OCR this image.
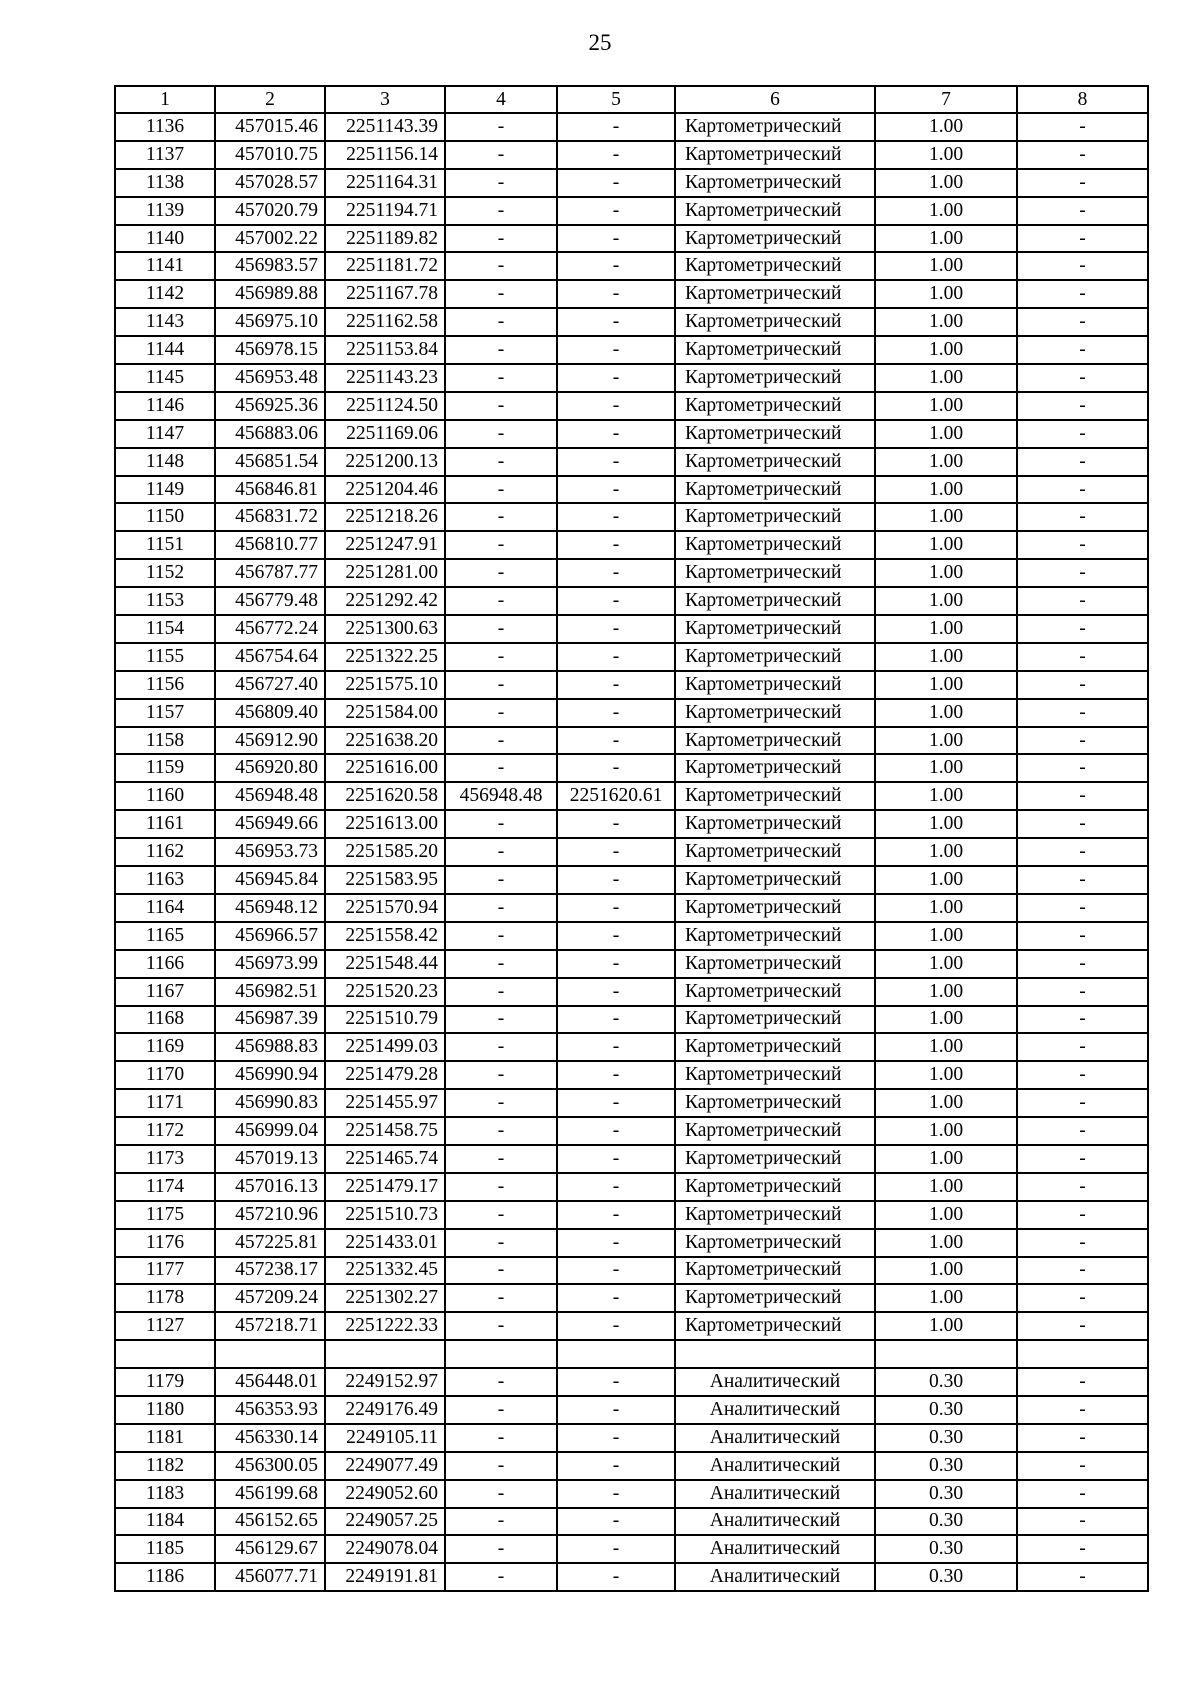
25
1	2	3	4	5	6	7	8
1136	457015.46	2251143.39	-	-	Картометрический	1.00	-
1137	457010.75	2251156.14	-	-	Картометрический	1.00	-
1138	457028.57	2251164.31	-	-	Картометрический	1.00	-
1139	457020.79	2251194.71	-	-	Картометрический	1.00	-
1140	457002.22	2251189.82	-	-	Картометрический	1.00	-
1141	456983.57	2251181.72	-	-	Картометрический	1.00	-
1142	456989.88	2251167.78	-	-	Картометрический	1.00	-
1143	456975.10	2251162.58	-	-	Картометрический	1.00	-
1144	456978.15	2251153.84	-	-	Картометрический	1.00	-
1145	456953.48	2251143.23	-	-	Картометрический	1.00	-
1146	456925.36	2251124.50	-	-	Картометрический	1.00	-
1147	456883.06	2251169.06	-	-	Картометрический	1.00	-
1148	456851.54	2251200.13	-	-	Картометрический	1.00	-
1149	456846.81	2251204.46	-	-	Картометрический	1.00	-
1150	456831.72	2251218.26	-	-	Картометрический	1.00	-
1151	456810.77	2251247.91	-	-	Картометрический	1.00	-
1152	456787.77	2251281.00	-	-	Картометрический	1.00	-
1153	456779.48	2251292.42	-	-	Картометрический	1.00	-
1154	456772.24	2251300.63	-	-	Картометрический	1.00	-
1155	456754.64	2251322.25	-	-	Картометрический	1.00	-
1156	456727.40	2251575.10	-	-	Картометрический	1.00	-
1157	456809.40	2251584.00	-	-	Картометрический	1.00	-
1158	456912.90	2251638.20	-	-	Картометрический	1.00	-
1159	456920.80	2251616.00	-	-	Картометрический	1.00	-
1160	456948.48	2251620.58	456948.48	2251620.61	Картометрический	1.00	-
1161	456949.66	2251613.00	-	-	Картометрический	1.00	-
1162	456953.73	2251585.20	-	-	Картометрический	1.00	-
1163	456945.84	2251583.95	-	-	Картометрический	1.00	-
1164	456948.12	2251570.94	-	-	Картометрический	1.00	-
1165	456966.57	2251558.42	-	-	Картометрический	1.00	-
1166	456973.99	2251548.44	-	-	Картометрический	1.00	-
1167	456982.51	2251520.23	-	-	Картометрический	1.00	-
1168	456987.39	2251510.79	-	-	Картометрический	1.00	-
1169	456988.83	2251499.03	-	-	Картометрический	1.00	-
1170	456990.94	2251479.28	-	-	Картометрический	1.00	-
1171	456990.83	2251455.97	-	-	Картометрический	1.00	-
1172	456999.04	2251458.75	-	-	Картометрический	1.00	-
1173	457019.13	2251465.74	-	-	Картометрический	1.00	-
1174	457016.13	2251479.17	-	-	Картометрический	1.00	-
1175	457210.96	2251510.73	-	-	Картометрический	1.00	-
1176	457225.81	2251433.01	-	-	Картометрический	1.00	-
1177	457238.17	2251332.45	-	-	Картометрический	1.00	-
1178	457209.24	2251302.27	-	-	Картометрический	1.00	-
1127	457218.71	2251222.33	-	-	Картометрический	1.00	-

1179	456448.01	2249152.97	-	-	Аналитический	0.30	-
1180	456353.93	2249176.49	-	-	Аналитический	0.30	-
1181	456330.14	2249105.11	-	-	Аналитический	0.30	-
1182	456300.05	2249077.49	-	-	Аналитический	0.30	-
1183	456199.68	2249052.60	-	-	Аналитический	0.30	-
1184	456152.65	2249057.25	-	-	Аналитический	0.30	-
1185	456129.67	2249078.04	-	-	Аналитический	0.30	-
1186	456077.71	2249191.81	-	-	Аналитический	0.30	-
